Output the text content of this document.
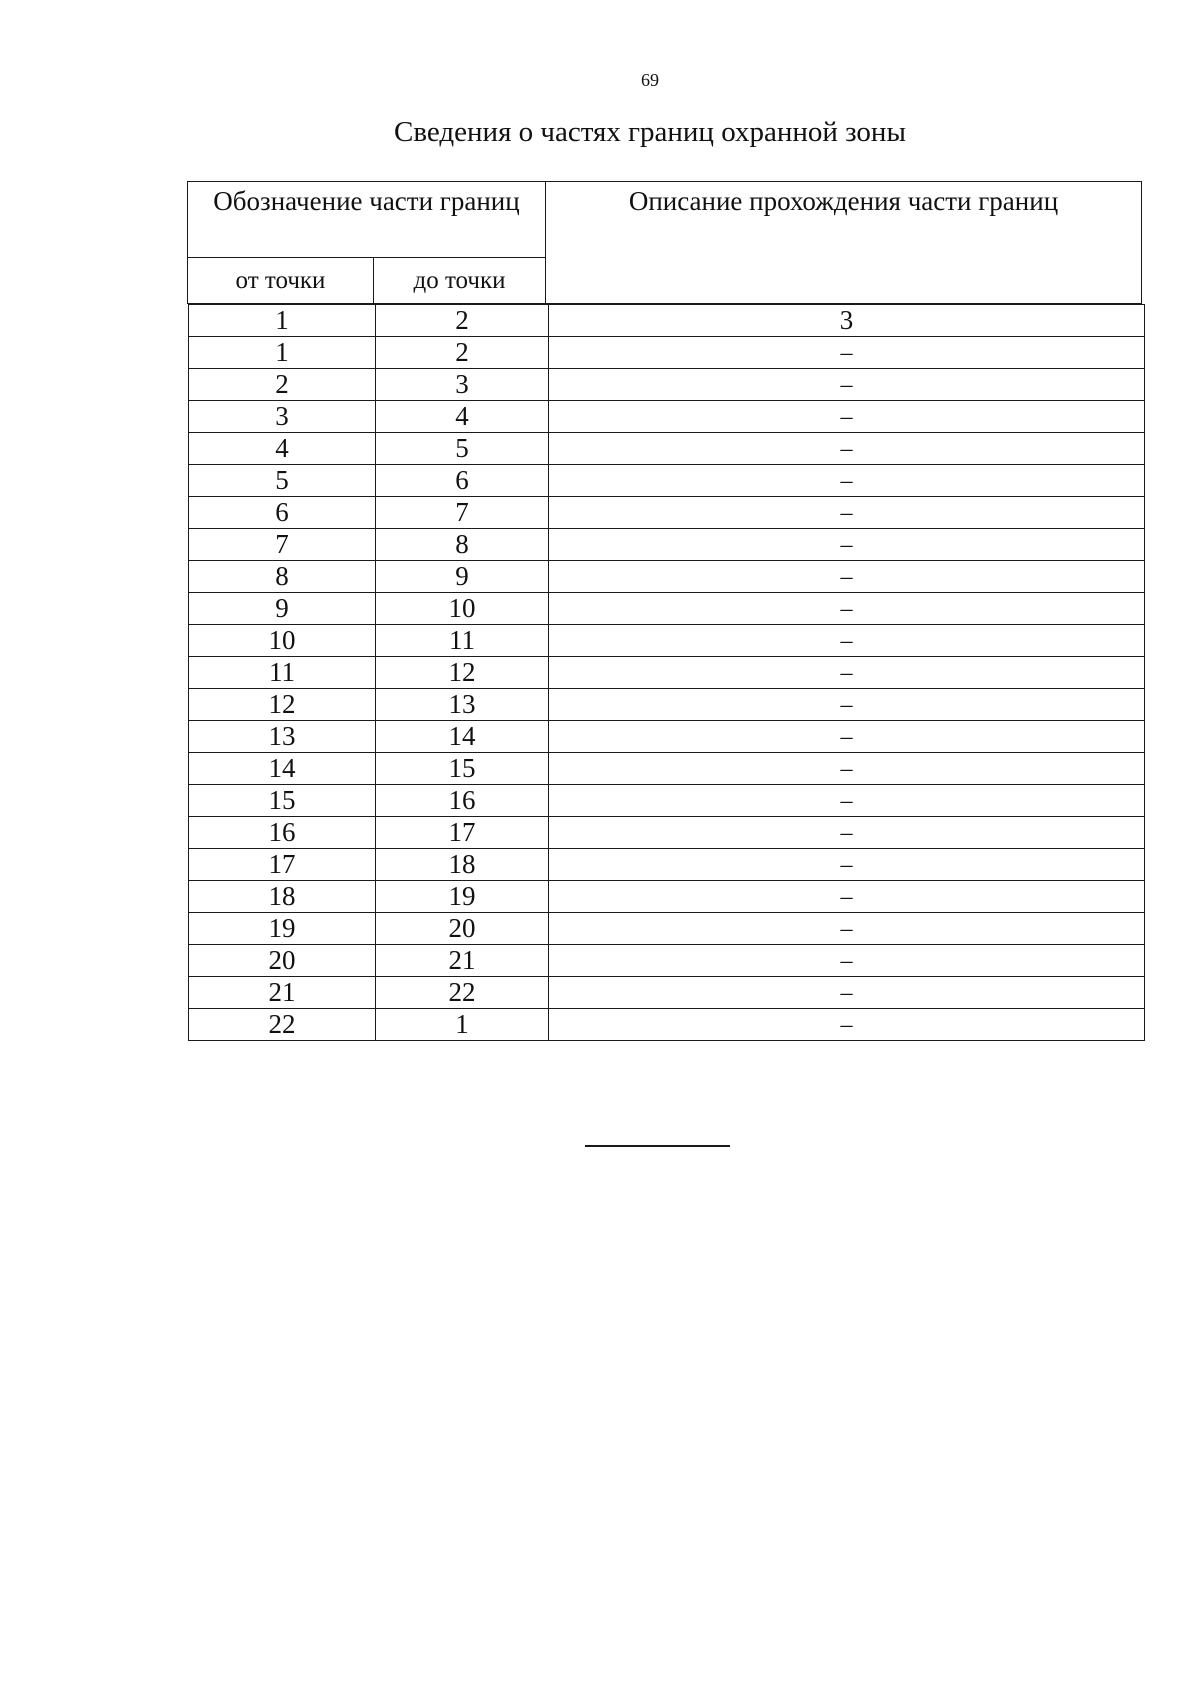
69
Сведения о частях границ охранной зоны
Обозначение части границ		Описание прохождения части границ
от точки	до точки	
1	2	3
1	2	–
2	3	–
3	4	–
4	5	–
5	6	–
6	7	–
7	8	–
8	9	–
9	10	–
10	11	–
11	12	–
12	13	–
13	14	–
14	15	–
15	16	–
16	17	–
17	18	–
18	19	–
19	20	–
20	21	–
21	22	–
22	1	–
